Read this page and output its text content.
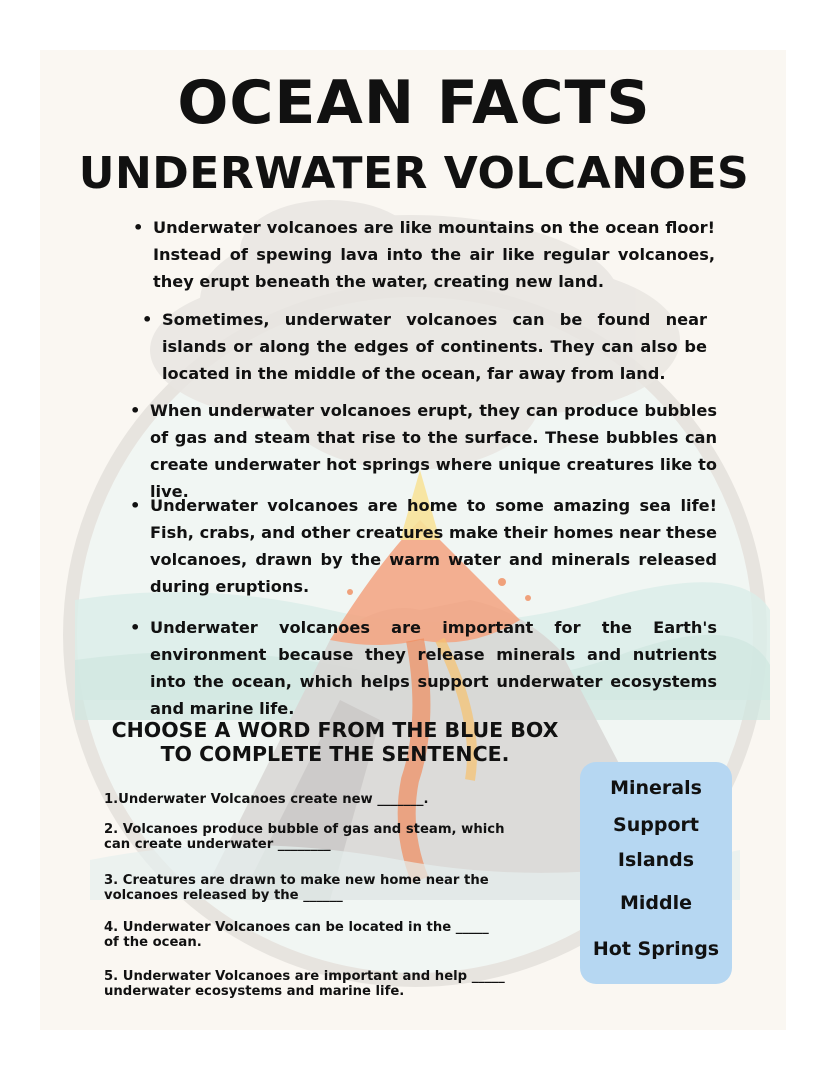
OCEAN FACTS
UNDERWATER VOLCANOES
• Underwater volcanoes are like mountains on the ocean floor! Instead of spewing lava into the air like regular volcanoes, they erupt beneath the water, creating new land.
• Sometimes, underwater volcanoes can be found near islands or along the edges of continents. They can also be located in the middle of the ocean, far away from land.
• When underwater volcanoes erupt, they can produce bubbles of gas and steam that rise to the surface. These bubbles can create underwater hot springs where unique creatures like to live.
• Underwater volcanoes are home to some amazing sea life! Fish, crabs, and other creatures make their homes near these volcanoes, drawn by the warm water and minerals released during eruptions.
• Underwater volcanoes are important for the Earth's environment because they release minerals and nutrients into the ocean, which helps support underwater ecosystems and marine life.
CHOOSE A WORD FROM THE BLUE BOX TO COMPLETE THE SENTENCE.
1.Underwater Volcanoes create new _______.
2. Volcanoes produce bubble of gas and steam, which can create underwater ________
3. Creatures are drawn to make new home near the volcanoes released by the ______
4. Underwater Volcanoes can be located in the _____ of the ocean.
5. Underwater Volcanoes are important and help _____ underwater ecosystems and marine life.
Minerals
Support
Islands
Middle
Hot Springs
